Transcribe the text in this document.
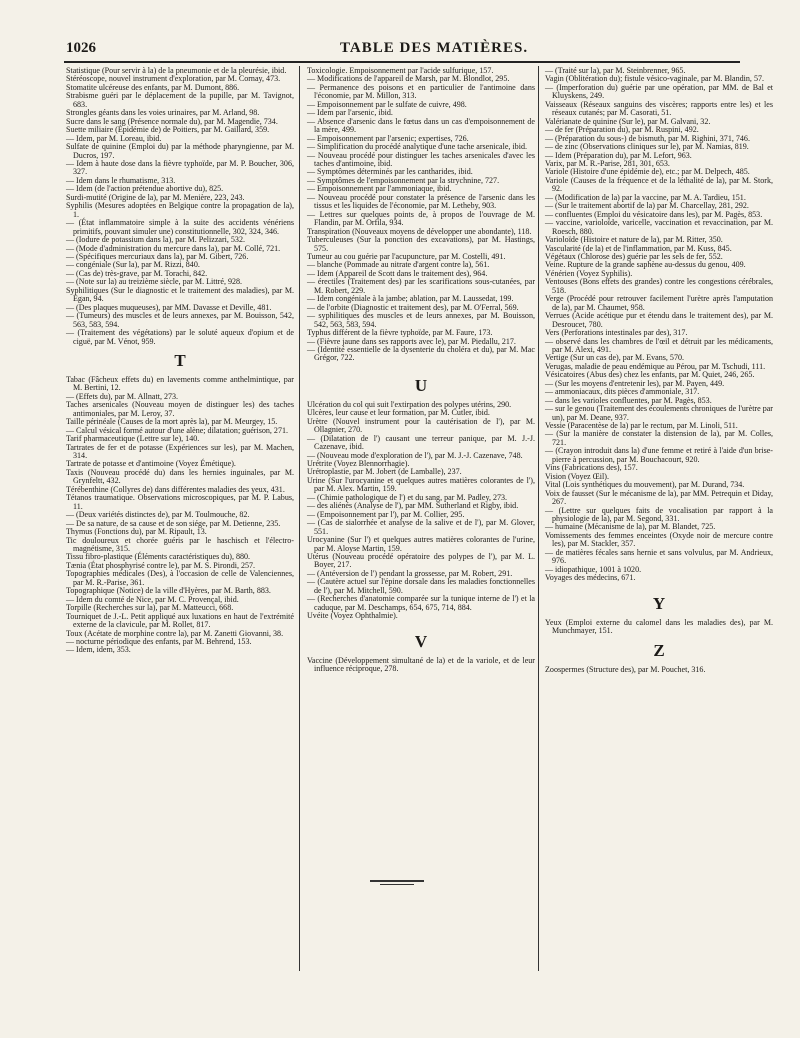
1026	TABLE DES MATIÈRES.

Statistique (Pour servir à la) de la pneumonie et de la pleurésie, ibid.

Stéréoscope, nouvel instrument d'exploration, par M. Cornay, 473.

Stomatite ulcéreuse des enfants, par M. Dumont, 886.

Strabisme guéri par le déplacement de la pupille, par M. Tavignot, 683.

Strongles géants dans les voies urinaires, par M. Arland, 98.

Sucre dans le sang (Présence normale du), par M. Magendie, 734.

Suette miliaire (Épidémie de) de Poitiers, par M. Gaillard, 359.

— Idem, par M. Loreau, ibid.

Sulfate de quinine (Emploi du) par la méthode pharyngienne, par M. Ducros, 197.

— Idem à haute dose dans la fièvre typhoïde, par M. P. Boucher, 306, 327.

— Idem dans le rhumatisme, 313.

— Idem (de l'action prétendue abortive du), 825.

Surdi-mutité (Origine de la), par M. Menière, 223, 243.

Syphilis (Mesures adoptées en Belgique contre la propagation de la), 1.

— (État inflammatoire simple à la suite des accidents vénériens primitifs, pouvant simuler une) constitutionnelle, 302, 324, 346.

— (Iodure de potassium dans la), par M. Pelizzari, 532.

— (Mode d'administration du mercure dans la), par M. Collé, 721.

— (Spécifiques mercuriaux dans la), par M. Gibert, 726.

— congéniale (Sur la), par M. Rizzi, 840.

— (Cas de) très-grave, par M. Torachi, 842.

— (Note sur la) au treizième siècle, par M. Littré, 928.

Syphilitiques (Sur le diagnostic et le traitement des maladies), par M. Egan, 94.

— (Des plaques muqueuses), par MM. Davasse et Deville, 481.

— (Tumeurs) des muscles et de leurs annexes, par M. Bouisson, 542, 563, 583, 594.

— (Traitement des végétations) par le soluté aqueux d'opium et de ciguë, par M. Vénot, 959.

T

Tabac (Fâcheux effets du) en lavements comme anthelmintique, par M. Bertini, 12.

— (Effets du), par M. Allnatt, 273.

Taches arsenicales (Nouveau moyen de distinguer les) des taches antimoniales, par M. Leroy, 37.

Taille périnéale (Causes de la mort après la), par M. Meurgey, 15.

— Calcul vésical formé autour d'une alène; dilatation; guérison, 271.

Tarif pharmaceutique (Lettre sur le), 140.

Tartrates de fer et de potasse (Expériences sur les), par M. Machen, 314.

Tartrate de potasse et d'antimoine (Voyez Émétique).

Taxis (Nouveau procédé du) dans les hernies inguinales, par M. Grynfeltt, 432.

Térébenthine (Collyres de) dans différentes maladies des yeux, 431.

Tétanos traumatique. Observations microscopiques, par M. P. Labus, 11.

— (Deux variétés distinctes de), par M. Toulmouche, 82.

— De sa nature, de sa cause et de son siége, par M. Detienne, 235.

Thymus (Fonctions du), par M. Ripault, 13.

Tic douloureux et chorée guéris par le haschisch et l'électro-magnétisme, 315.

Tissu fibro-plastique (Éléments caractéristiques du), 880.

Tænia (État phosphyrisé contre le), par M. S. Pirondi, 257.

Topographies médicales (Des), à l'occasion de celle de Valenciennes, par M. R.-Parise, 361.

Topographique (Notice) de la ville d'Hyères, par M. Barth, 883.

— Idem du comté de Nice, par M. C. Provençal, ibid.

Torpille (Recherches sur la), par M. Matteucci, 668.

Tourniquet de J.-L. Petit appliqué aux luxations en haut de l'extrémité externe de la clavicule, par M. Rollet, 817.

Toux (Acétate de morphine contre la), par M. Zanetti Giovanni, 38.

— nocturne périodique des enfants, par M. Behrend, 153.

— Idem, idem, 353.

Toxicologie. Empoisonnement par l'acide sulfurique, 157.

— Modifications de l'appareil de Marsh, par M. Blondlot, 295.

— Permanence des poisons et en particulier de l'antimoine dans l'économie, par M. Millon, 313.

— Empoisonnement par le sulfate de cuivre, 498.

— Idem par l'arsenic, ibid.

— Absence d'arsenic dans le fœtus dans un cas d'empoisonnement de la mère, 499.

— Empoisonnement par l'arsenic; expertises, 726.

— Simplification du procédé analytique d'une tache arsenicale, ibid.

— Nouveau procédé pour distinguer les taches arsenicales d'avec les taches d'antimoine, ibid.

— Symptômes déterminés par les cantharides, ibid.

— Symptômes de l'empoisonnement par la strychnine, 727.

— Empoisonnement par l'ammoniaque, ibid.

— Nouveau procédé pour constater la présence de l'arsenic dans les tissus et les liquides de l'économie, par M. Letheby, 903.

— Lettres sur quelques points de, à propos de l'ouvrage de M. Flandin, par M. Orfila, 934.

Transpiration (Nouveaux moyens de développer une abondante), 118.

Tuberculeuses (Sur la ponction des excavations), par M. Hastings, 575.

Tumeur au cou guérie par l'acupuncture, par M. Costelli, 491.

— blanche (Pommade au nitrate d'argent contre la), 561.

— Idem (Appareil de Scott dans le traitement des), 964.

— érectiles (Traitement des) par les scarifications sous-cutanées, par M. Robert, 229.

— Idem congéniale à la jambe; ablation, par M. Laussedat, 199.

— de l'orbite (Diagnostic et traitement des), par M. O'Ferral, 569.

— syphilitiques des muscles et de leurs annexes, par M. Bouisson, 542, 563, 583, 594.

Typhus différent de la fièvre typhoïde, par M. Faure, 173.

— (Fièvre jaune dans ses rapports avec le), par M. Piedallu, 217.

— (Identité essentielle de la dysenterie du choléra et du), par M. Mac Grégor, 722.

U

Ulcération du col qui suit l'extirpation des polypes utérins, 290.

Ulcères, leur cause et leur formation, par M. Cutler, ibid.

Urètre (Nouvel instrument pour la cautérisation de l'), par M. Ollagnier, 270.

— (Dilatation de l') causant une terreur panique, par M. J.-J. Cazenave, ibid.

— (Nouveau mode d'exploration de l'), par M. J.-J. Cazenave, 748.

Urétrite (Voyez Blennorrhagie).

Urétroplastie, par M. Jobert (de Lamballe), 237.

Urine (Sur l'urocyanine et quelques autres matières colorantes de l'), par M. Alex. Martin, 159.

— (Chimie pathologique de l') et du sang, par M. Padley, 273.

— des aliénés (Analyse de l'), par MM. Sutherland et Rigby, ibid.

— (Empoisonnement par l'), par M. Collier, 295.

— (Cas de sialorrhée et analyse de la salive et de l'), par M. Glover, 551.

Urocyanine (Sur l') et quelques autres matières colorantes de l'urine, par M. Aloyse Martin, 159.

Utérus (Nouveau procédé opératoire des polypes de l'), par M. L. Boyer, 217.

— (Antéversion de l') pendant la grossesse, par M. Robert, 291.

— (Cautère actuel sur l'épine dorsale dans les maladies fonctionnelles de l'), par M. Mitchell, 590.

— (Recherches d'anatomie comparée sur la tunique interne de l') et la caduque, par M. Deschamps, 654, 675, 714, 884.

Uvéite (Voyez Ophthalmie).

V

Vaccine (Développement simultané de la) et de la variole, et de leur influence réciproque, 278.

— (Traité sur la), par M. Steinbrenner, 965.

Vagin (Oblitération du); fistule vésico-vaginale, par M. Blandin, 57.

— (Imperforation du) guérie par une opération, par MM. de Bal et Kluyskens, 249.

Vaisseaux (Réseaux sanguins des viscères; rapports entre les) et les réseaux cutanés; par M. Casorati, 51.

Valérianate de quinine (Sur le), par M. Galvani, 32.

— de fer (Préparation du), par M. Ruspini, 492.

— (Préparation du sous-) de bismuth, par M. Righini, 371, 746.

— de zinc (Observations cliniques sur le), par M. Namias, 819.

— Idem (Préparation du), par M. Lefort, 963.

Varix, par M. R.-Parise, 281, 301, 653.

Variole (Histoire d'une épidémie de), etc.; par M. Delpech, 485.

Variole (Causes de la fréquence et de la léthalité de la), par M. Stork, 92.

— (Modification de la) par la vaccine, par M. A. Tardieu, 151.

— (Sur le traitement abortif de la) par M. Charcellay, 281, 292.

— confluentes (Emploi du vésicatoire dans les), par M. Pagès, 853.

— vaccine, varioloïde, varicelle, vaccination et revaccination, par M. Roesch, 880.

Varioloïde (Histoire et nature de la), par M. Ritter, 350.

Vascularité (de la) et de l'inflammation, par M. Kuss, 845.

Végétaux (Chlorose des) guérie par les sels de fer, 552.

Veine. Rupture de la grande saphène au-dessus du genou, 409.

Vénérien (Voyez Syphilis).

Ventouses (Bons effets des grandes) contre les congestions cérébrales, 518.

Verge (Procédé pour retrouver facilement l'urètre après l'amputation de la), par M. Chaumet, 958.

Verrues (Acide acétique pur et étendu dans le traitement des), par M. Desroucet, 780.

Vers (Perforations intestinales par des), 317.

— observé dans les chambres de l'œil et détruit par les médicaments, par M. Alexi, 491.

Vertige (Sur un cas de), par M. Evans, 570.

Verugas, maladie de peau endémique au Pérou, par M. Tschudi, 111.

Vésicatoires (Abus des) chez les enfants, par M. Quiet, 246, 265.

— (Sur les moyens d'entretenir les), par M. Payen, 449.

— ammoniacaux, dits pièces d'ammoniale, 317.

— dans les varioles confluentes, par M. Pagès, 853.

— sur le genou (Traitement des écoulements chroniques de l'urètre par un), par M. Deane, 937.

Vessie (Paracentèse de la) par le rectum, par M. Linoli, 511.

— (Sur la manière de constater la distension de la), par M. Colles, 721.

— (Crayon introduit dans la) d'une femme et retiré à l'aide d'un brise-pierre à percussion, par M. Bouchacourt, 920.

Vins (Fabrications des), 157.

Vision (Voyez Œil).

Vital (Lois synthétiques du mouvement), par M. Durand, 734.

Voix de fausset (Sur le mécanisme de la), par MM. Petrequin et Diday, 267.

— (Lettre sur quelques faits de vocalisation par rapport à la physiologie de la), par M. Segond, 331.

— humaine (Mécanisme de la), par M. Blandet, 725.

Vomissements des femmes enceintes (Oxyde noir de mercure contre les), par M. Stackler, 357.

— de matières fécales sans hernie et sans volvulus, par M. Andrieux, 976.

— idiopathique, 1001 à 1020.

Voyages des médecins, 671.

Y

Yeux (Emploi externe du calomel dans les maladies des), par M. Munchmayer, 151.

Z

Zoospermes (Structure des), par M. Pouchet, 316.
